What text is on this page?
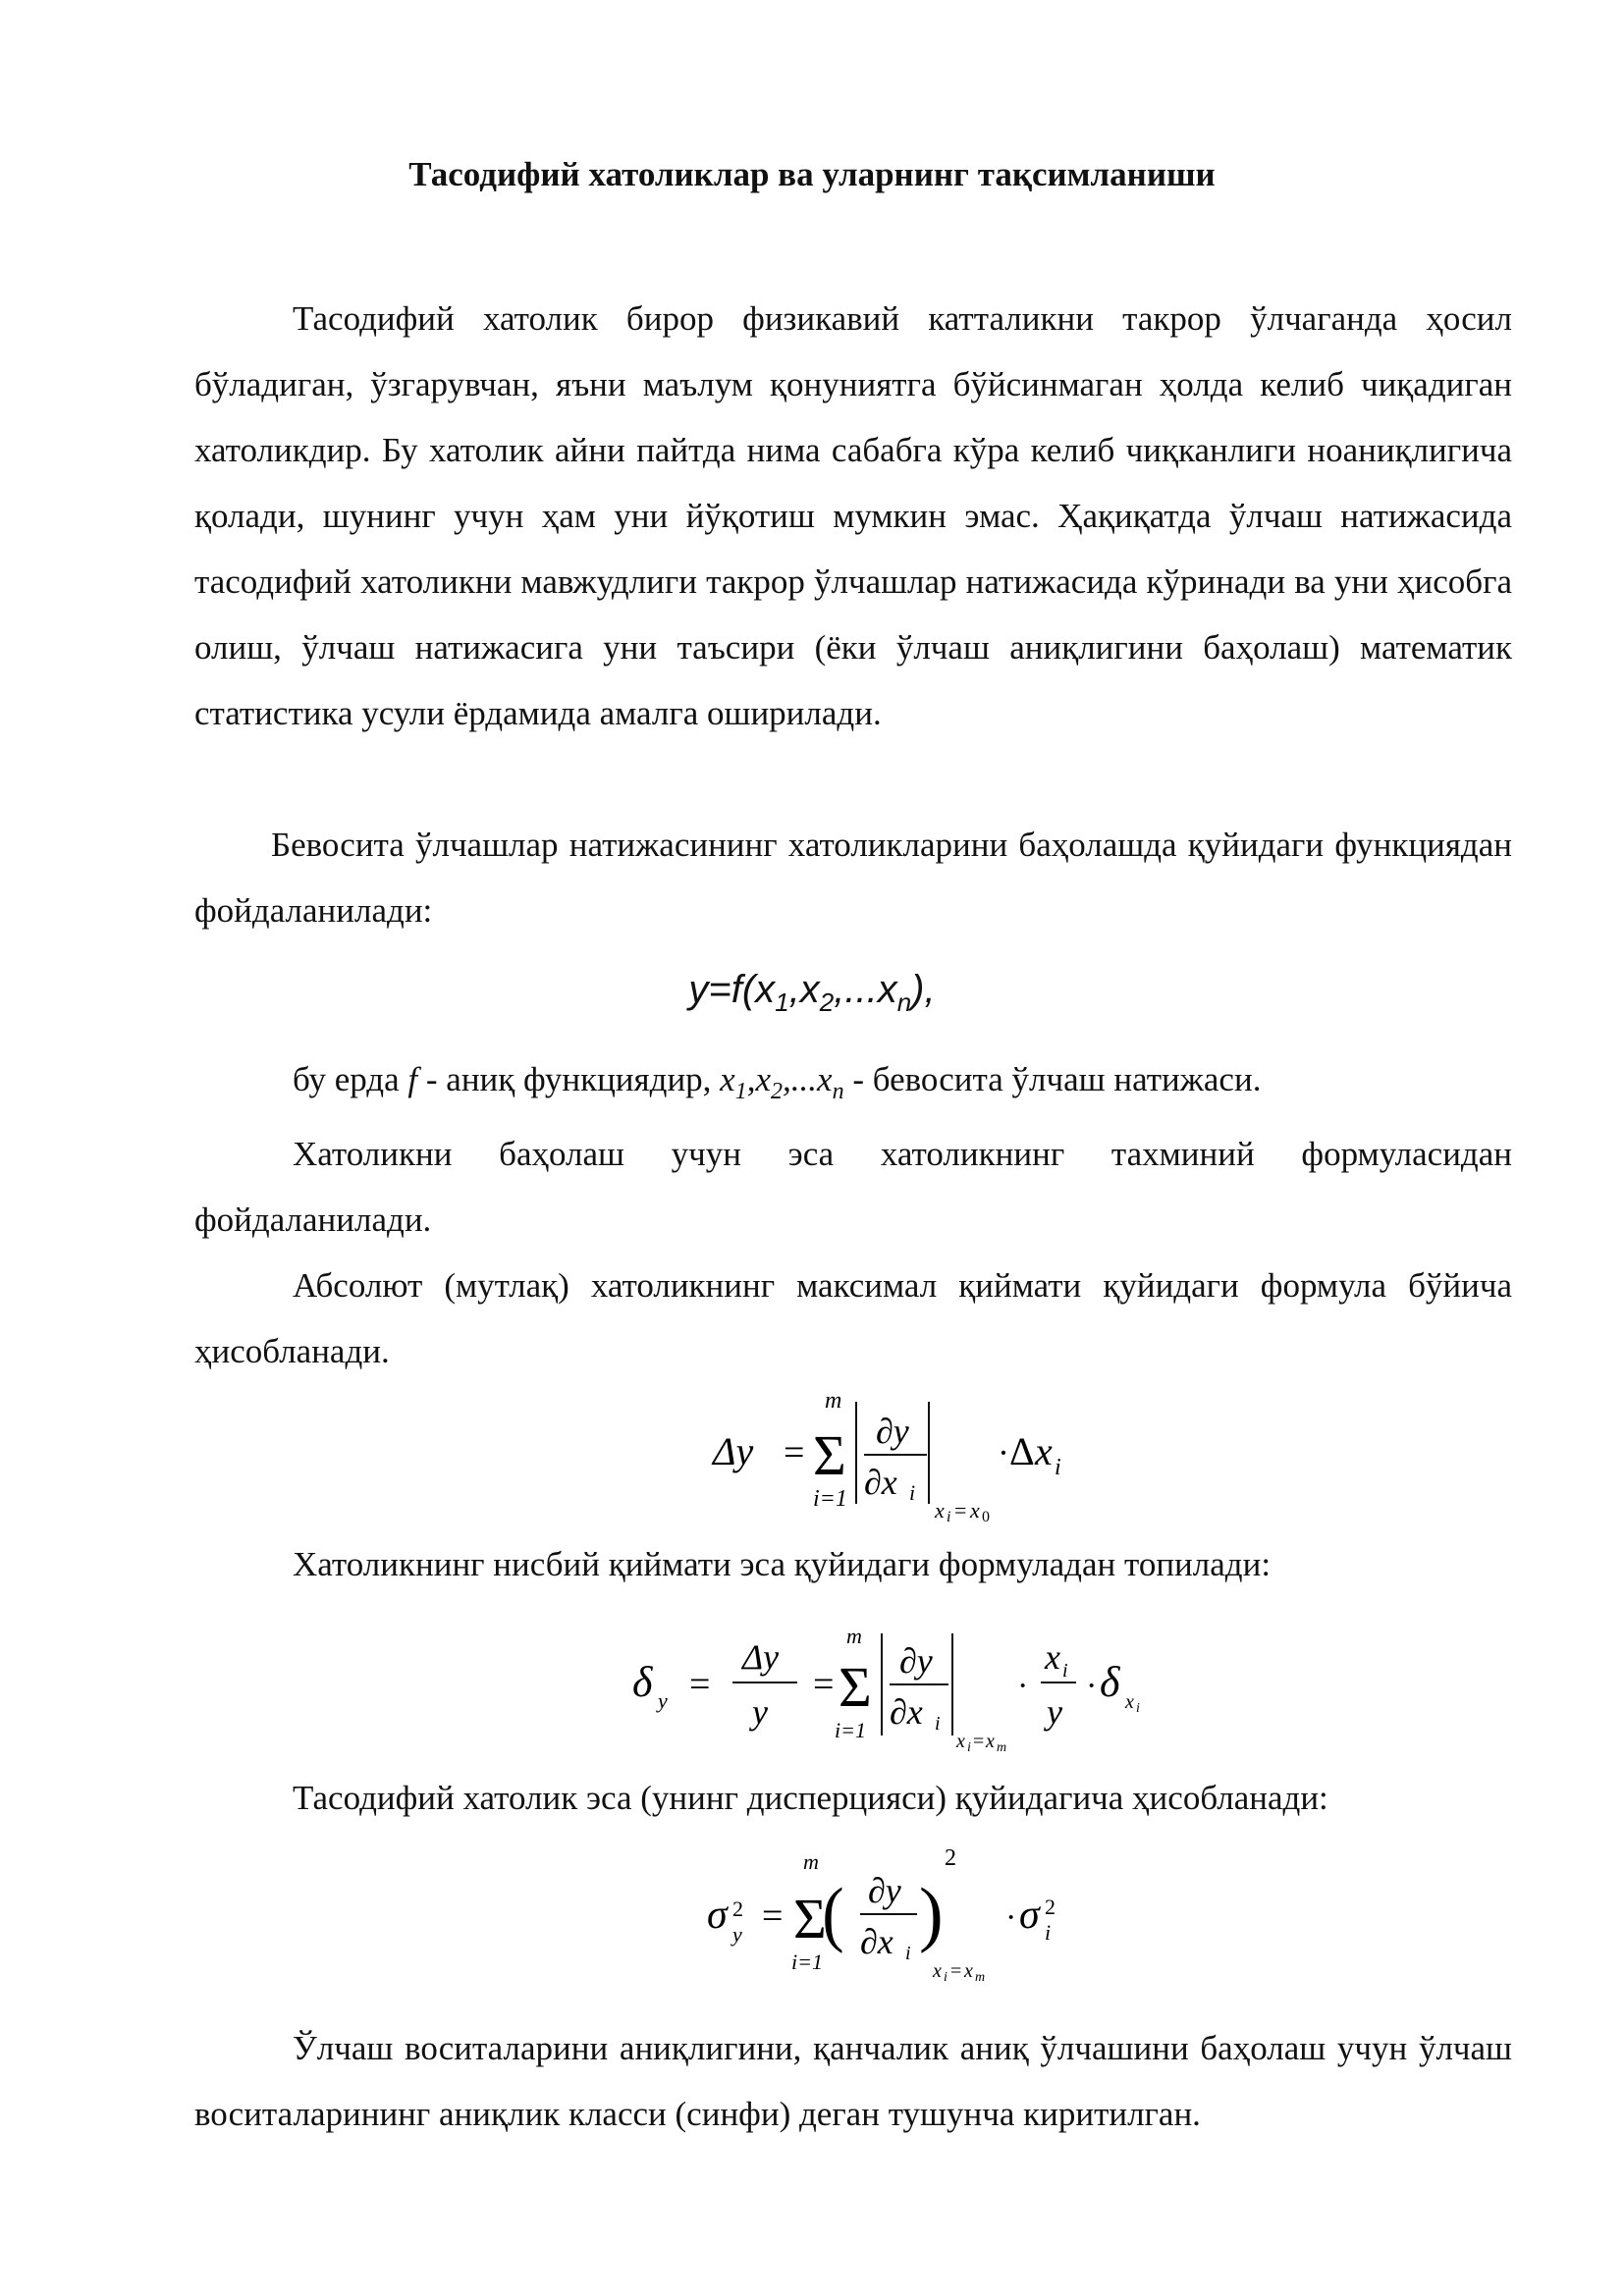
Тасодифий хатоликлар ва уларнинг тақсимланиши

Тасодифий хатолик бирор физикавий катталикни такрор ўлчаганда ҳосил бўладиган, ўзгарувчан, яъни маълум қонуниятга бўйсинмаган ҳолда келиб чиқадиган хатоликдир. Бу хатолик айни пайтда нима сабабга кўра келиб чиқканлиги ноаниқлигича қолади, шунинг учун ҳам уни йўқотиш мумкин эмас. Ҳақиқатда ўлчаш натижасида тасодифий хатоликни мавжудлиги такрор ўлчашлар натижасида кўринади ва уни ҳисобга олиш, ўлчаш натижасига уни таъсири (ёки ўлчаш аниқлигини баҳолаш) математик статистика усули ёрдамида амалга оширилади.

Бевосита ўлчашлар натижасининг хатоликларини баҳолашда қуйидаги функциядан фойдаланилади:

$y=f(x_1,x_2,...x_n)$,
бу ерда f - аниқ функциядир, $x_1,x_2,...x_n$ - бевосита ўлчаш натижаси.

Хатоликни баҳолаш учун эса хатоликнинг тахминий формуласидан фойдаланилади.

Абсолют (мутлақ) хатоликнинг максимал қиймати қуйидаги формула бўйича ҳисобланади.

Δy =
m
Σ
i=1
∂y
∂x i
x i = x 0
· Δ x i
Хатоликнинг нисбий қиймати эса қуйидаги формуладан топилади:
δ y =
Δy
y
=
m
Σ
i=1
∂y
∂x i
x i = x m
·
x i
y
· δ x i
Тасодифий хатолик эса (унинг дисперцияси) қуйидагича ҳисобланади:
σ 2
y =
m
Σ
i=1
( ∂y
∂x i )
2
x i = x m
· σ 2
i

Ўлчаш воситаларини аниқлигини, қанчалик аниқ ўлчашини баҳолаш учун ўлчаш воситаларининг аниқлик класси (синфи) деган тушунча киритилган.
